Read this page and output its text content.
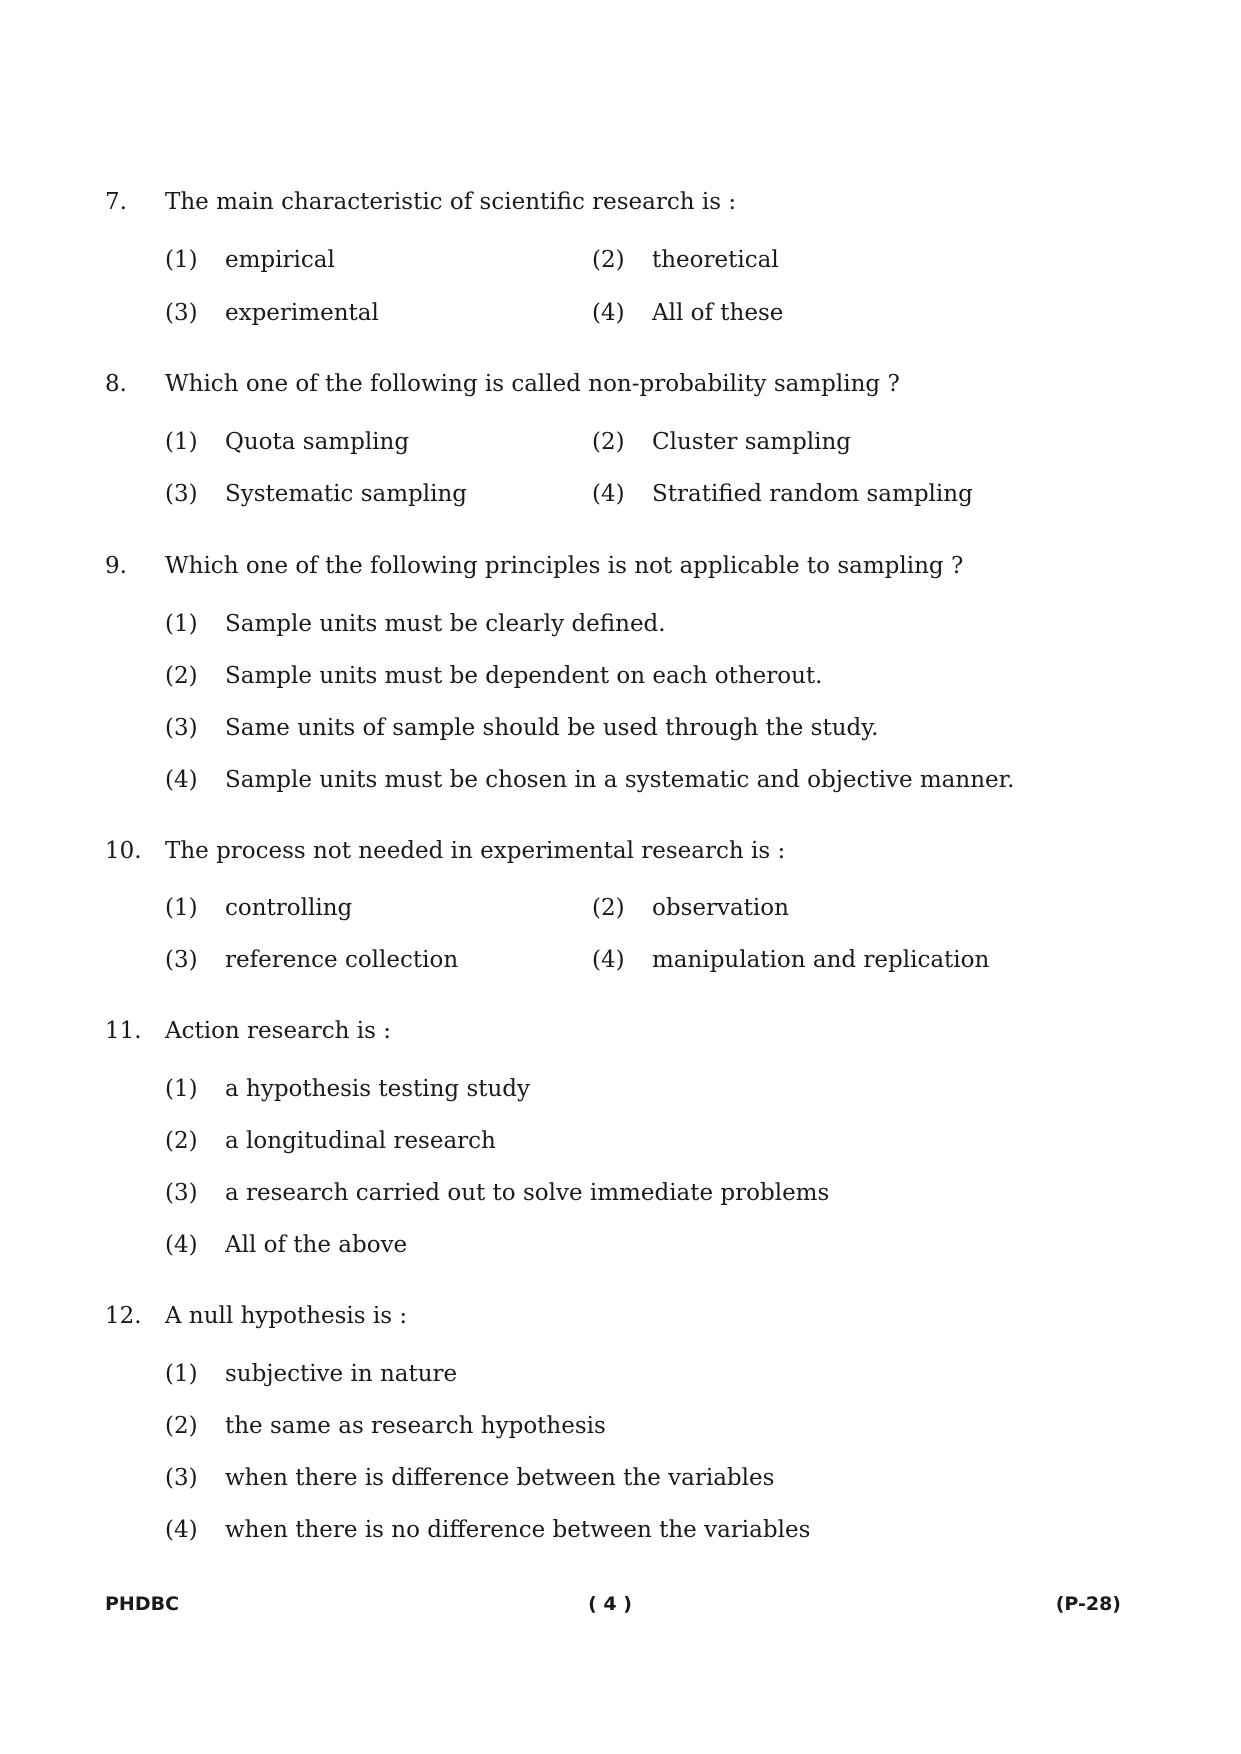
7. The main characteristic of scientific research is :
(1) empirical	(2) theoretical
(3) experimental	(4) All of these
8. Which one of the following is called non-probability sampling ?
(1) Quota sampling	(2) Cluster sampling
(3) Systematic sampling	(4) Stratified random sampling
9. Which one of the following principles is not applicable to sampling ?
(1) Sample units must be clearly defined.
(2) Sample units must be dependent on each otherout.
(3) Same units of sample should be used through the study.
(4) Sample units must be chosen in a systematic and objective manner.
10. The process not needed in experimental research is :
(1) controlling	(2) observation
(3) reference collection	(4) manipulation and replication
11. Action research is :
(1) a hypothesis testing study
(2) a longitudinal research
(3) a research carried out to solve immediate problems
(4) All of the above
12. A null hypothesis is :
(1) subjective in nature
(2) the same as research hypothesis
(3) when there is difference between the variables
(4) when there is no difference between the variables
PHDBC	( 4 )	(P-28)
